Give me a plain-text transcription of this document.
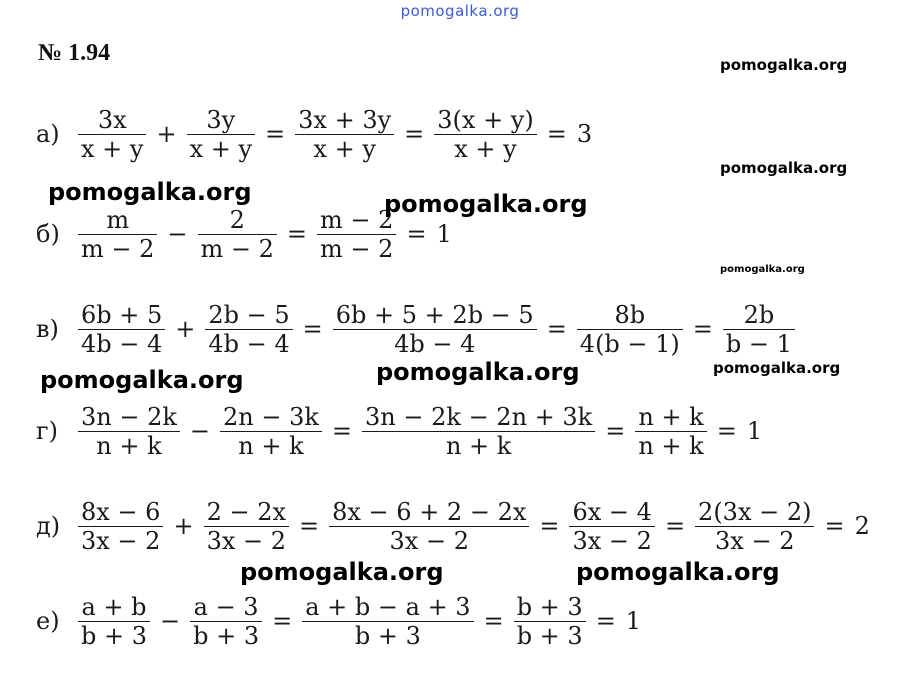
pomogalka.org
№ 1.94	pomogalka.org
pomogalka.org
pomogalka.org
pomogalka.org
$а) \frac{3x}{x + y} + \frac{3y}{x + y} = \frac{3x + 3y}{x + y} = \frac{3(x + y)}{x + y} = 3$
$б) \frac{m}{m - 2} - \frac{2}{m - 2} = \frac{m - 2}{m - 2} = 1$
$в) \frac{6b + 5}{4b - 4} + \frac{2b - 5}{4b - 4} = \frac{6b + 5 + 2b - 5}{4b - 4} = \frac{8b}{4(b - 1)} = \frac{2b}{b - 1}$
$г) \frac{3n - 2k}{n + k} - \frac{2n - 3k}{n + k} = \frac{3n - 2k - 2n + 3k}{n + k} = \frac{n + k}{n + k} = 1$
$д) \frac{8x - 6}{3x - 2} + \frac{2 - 2x}{3x - 2} = \frac{8x - 6 + 2 - 2x}{3x - 2} = \frac{6x - 4}{3x - 2} = \frac{2(3x - 2)}{3x - 2} = 2$
$е) \frac{a + b}{b + 3} - \frac{a - 3}{b + 3} = \frac{a + b - a + 3}{b + 3} = \frac{b + 3}{b + 3} = 1$
pomogalka.org	pomogalka.org
pomogalka.org	pomogalka.org
pomogalka.org	pomogalka.org
